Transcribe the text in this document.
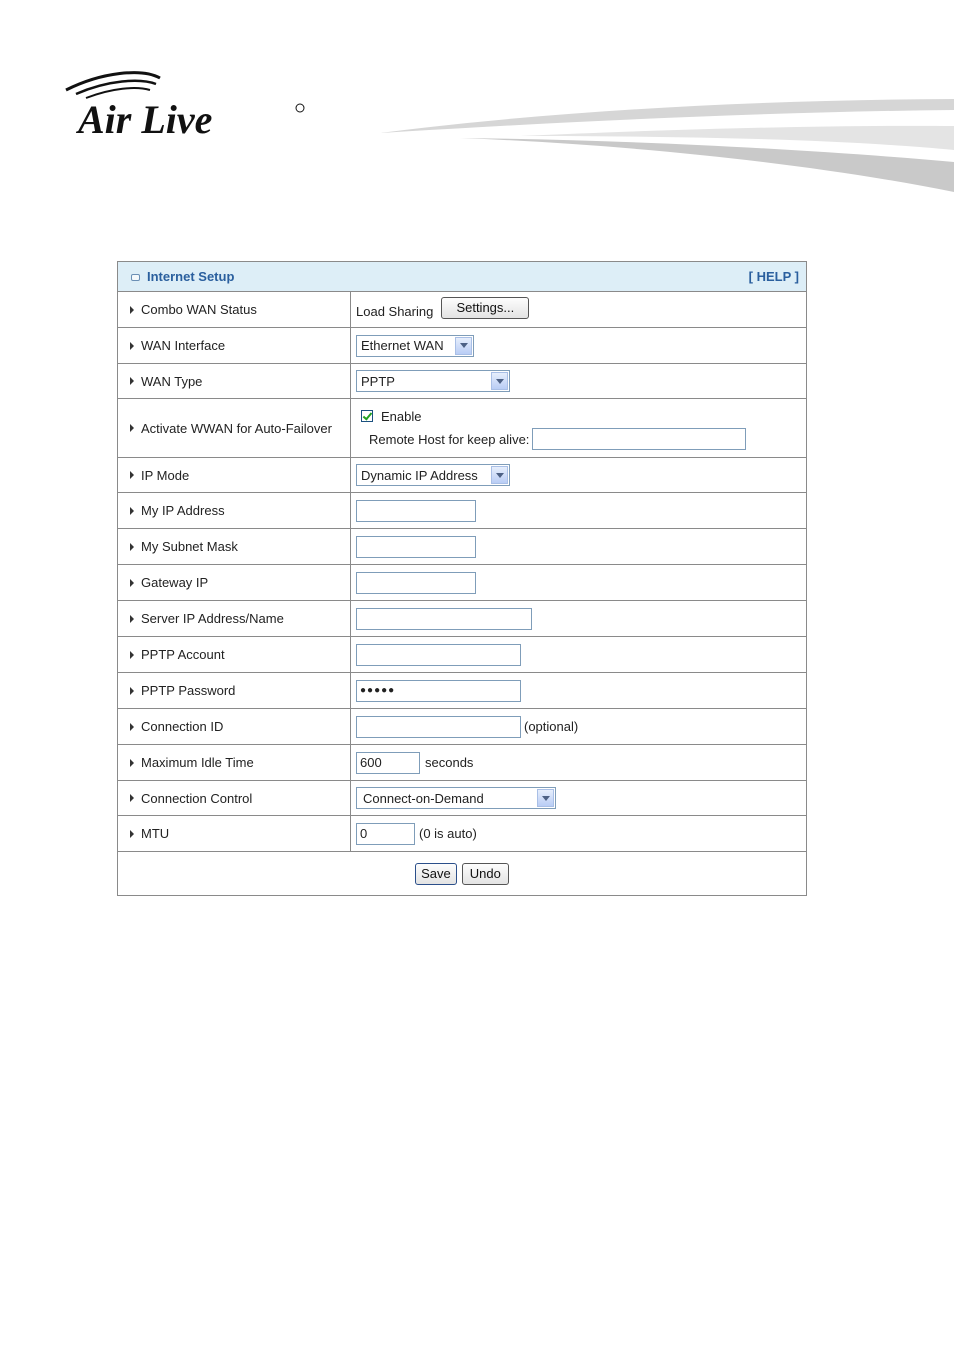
Air Live
Internet Setup	[ HELP ]
Combo WAN Status	Load Sharing	Settings...
WAN Interface	Ethernet WAN
WAN Type	PPTP
Activate WWAN for Auto-Failover
Enable
Remote Host for keep alive:
IP Mode	Dynamic IP Address
My IP Address
My Subnet Mask
Gateway IP
Server IP Address/Name
PPTP Account
PPTP Password	●●●●●
Connection ID	(optional)
Maximum Idle Time	600	seconds
Connection Control	Connect-on-Demand
MTU	0	(0 is auto)
Save	Undo
